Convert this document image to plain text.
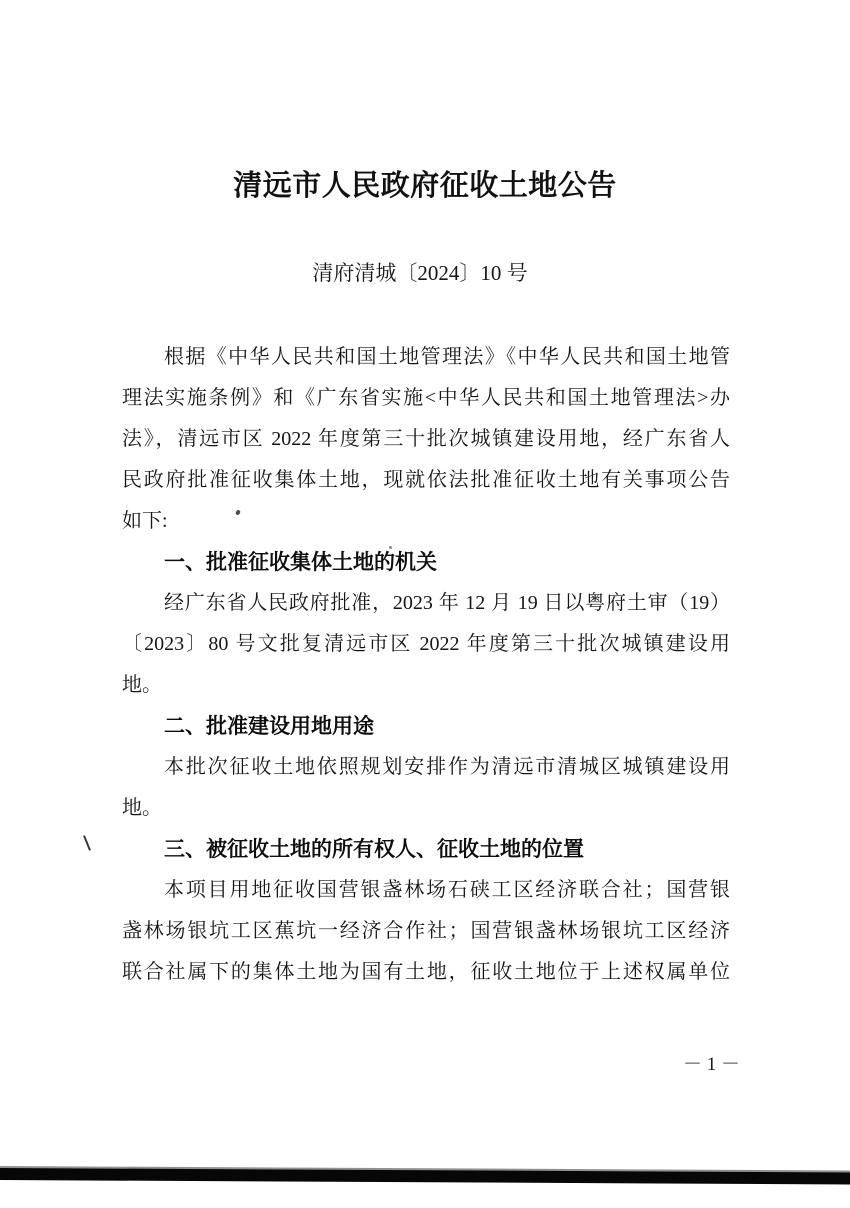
清远市人民政府征收土地公告
清府清城〔2024〕10 号
根据《中华人民共和国土地管理法》《中华人民共和国土地管
理法实施条例》和《广东省实施<中华人民共和国土地管理法>办
法》，清远市区 2022 年度第三十批次城镇建设用地，经广东省人
民政府批准征收集体土地，现就依法批准征收土地有关事项公告
如下:
一、批准征收集体土地的机关
经广东省人民政府批准，2023 年 12 月 19 日以粤府土审（19）
〔2023〕80 号文批复清远市区 2022 年度第三十批次城镇建设用
地。
二、批准建设用地用途
本批次征收土地依照规划安排作为清远市清城区城镇建设用
地。
三、被征收土地的所有权人、征收土地的位置
本项目用地征收国营银盏林场石硖工区经济联合社；国营银
盏林场银坑工区蕉坑一经济合作社；国营银盏林场银坑工区经济
联合社属下的集体土地为国有土地，征收土地位于上述权属单位
－ 1 －
